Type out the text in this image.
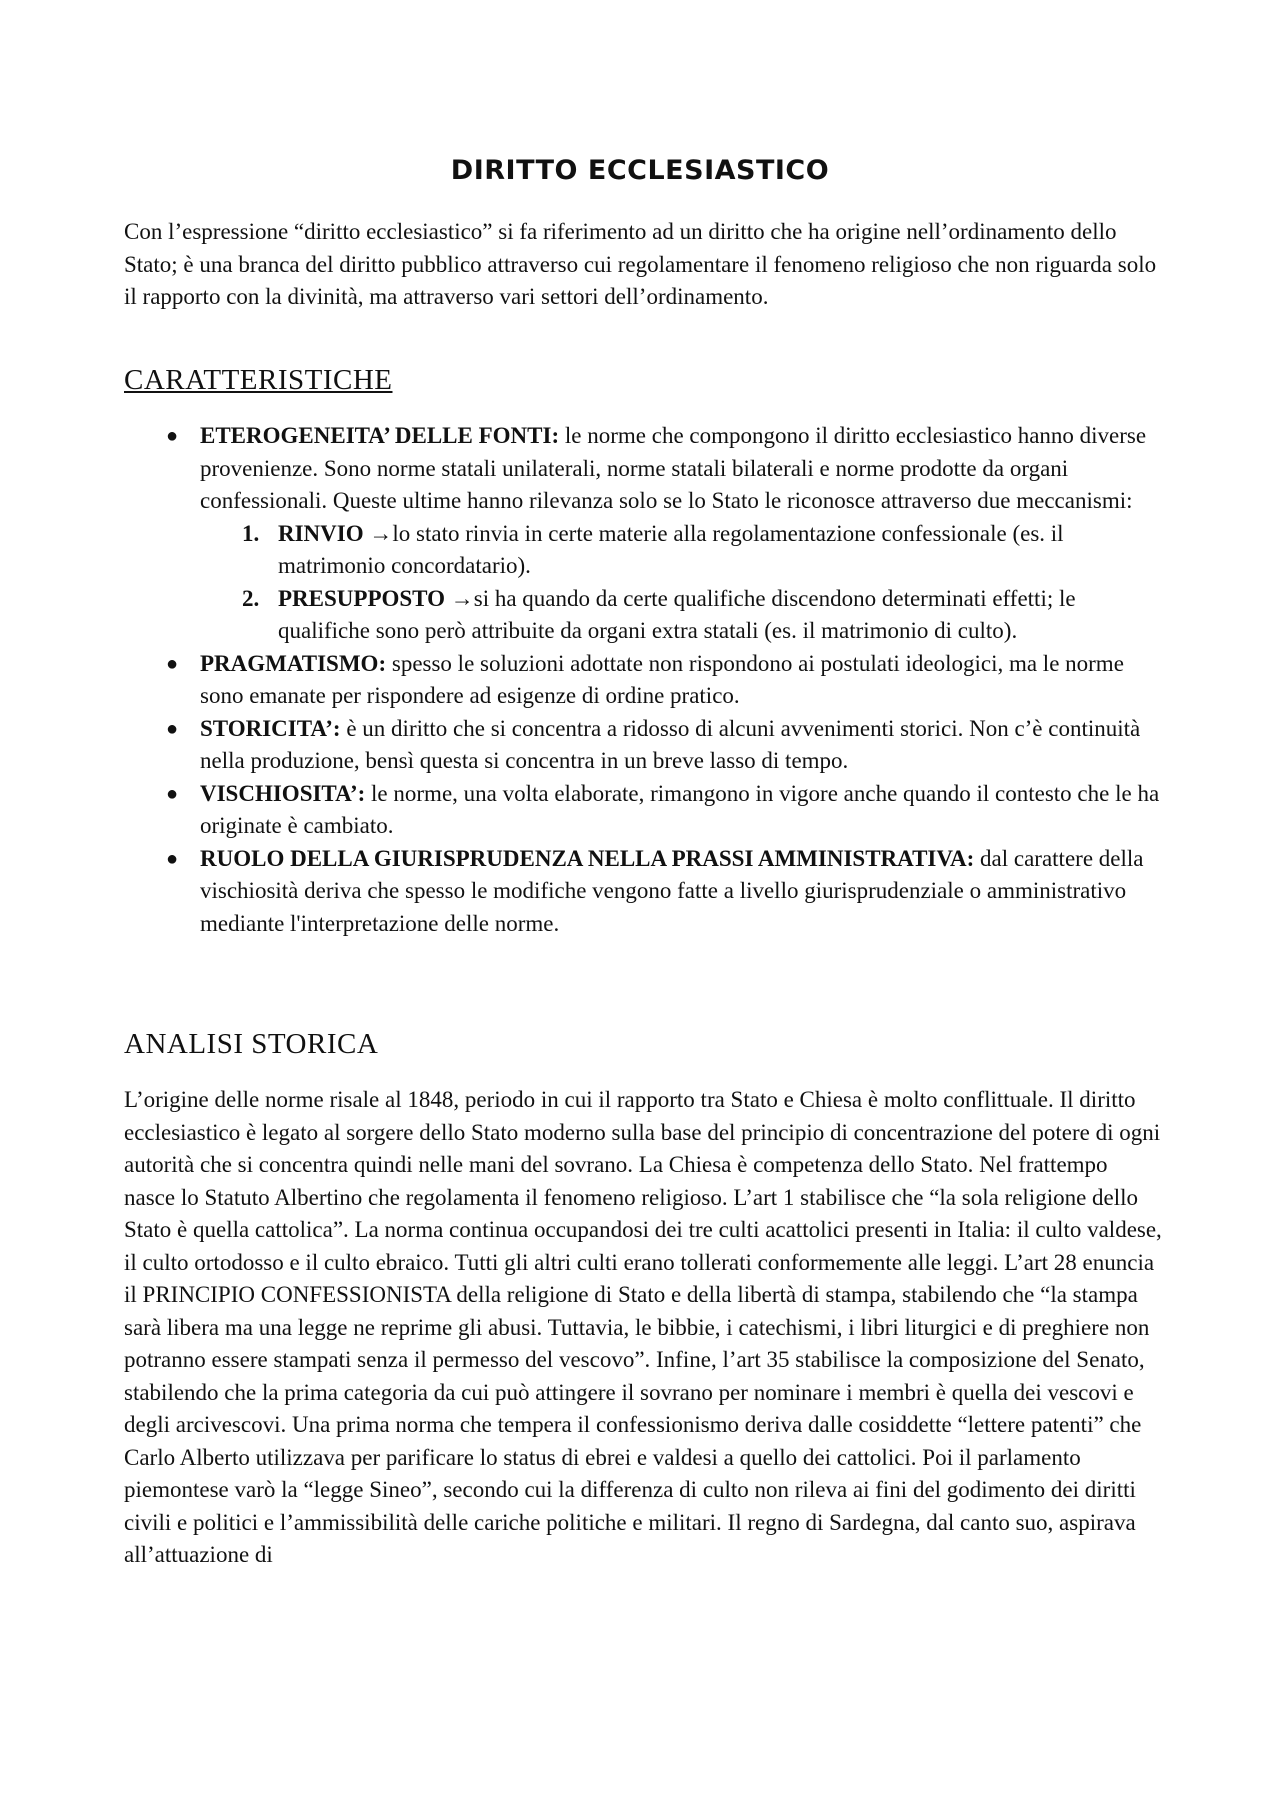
DIRITTO ECCLESIASTICO

Con l’espressione “diritto ecclesiastico” si fa riferimento ad un diritto che ha origine nell’ordinamento dello Stato; è una branca del diritto pubblico attraverso cui regolamentare il fenomeno religioso che non riguarda solo il rapporto con la divinità, ma attraverso vari settori dell’ordinamento.

CARATTERISTICHE
● ETEROGENEITA’ DELLE FONTI: le norme che compongono il diritto ecclesiastico hanno diverse provenienze. Sono norme statali unilaterali, norme statali bilaterali e norme prodotte da organi confessionali. Queste ultime hanno rilevanza solo se lo Stato le riconosce attraverso due meccanismi:
1. RINVIO →lo stato rinvia in certe materie alla regolamentazione confessionale (es. il matrimonio concordatario).
2. PRESUPPOSTO →si ha quando da certe qualifiche discendono determinati effetti; le qualifiche sono però attribuite da organi extra statali (es. il matrimonio di culto).
● PRAGMATISMO: spesso le soluzioni adottate non rispondono ai postulati ideologici, ma le norme sono emanate per rispondere ad esigenze di ordine pratico.
● STORICITA’: è un diritto che si concentra a ridosso di alcuni avvenimenti storici. Non c’è continuità nella produzione, bensì questa si concentra in un breve lasso di tempo.
● VISCHIOSITA’: le norme, una volta elaborate, rimangono in vigore anche quando il contesto che le ha originate è cambiato.
● RUOLO DELLA GIURISPRUDENZA NELLA PRASSI AMMINISTRATIVA: dal carattere della vischiosità deriva che spesso le modifiche vengono fatte a livello giurisprudenziale o amministrativo mediante l'interpretazione delle norme.
ANALISI STORICA

L’origine delle norme risale al 1848, periodo in cui il rapporto tra Stato e Chiesa è molto conflittuale. Il diritto ecclesiastico è legato al sorgere dello Stato moderno sulla base del principio di concentrazione del potere di ogni autorità che si concentra quindi nelle mani del sovrano. La Chiesa è competenza dello Stato. Nel frattempo nasce lo Statuto Albertino che regolamenta il fenomeno religioso. L’art 1 stabilisce che “la sola religione dello Stato è quella cattolica”. La norma continua occupandosi dei tre culti acattolici presenti in Italia: il culto valdese, il culto ortodosso e il culto ebraico. Tutti gli altri culti erano tollerati conformemente alle leggi. L’art 28 enuncia il PRINCIPIO CONFESSIONISTA della religione di Stato e della libertà di stampa, stabilendo che “la stampa sarà libera ma una legge ne reprime gli abusi. Tuttavia, le bibbie, i catechismi, i libri liturgici e di preghiere non potranno essere stampati senza il permesso del vescovo”. Infine, l’art 35 stabilisce la composizione del Senato, stabilendo che la prima categoria da cui può attingere il sovrano per nominare i membri è quella dei vescovi e degli arcivescovi. Una prima norma che tempera il confessionismo deriva dalle cosiddette “lettere patenti” che Carlo Alberto utilizzava per parificare lo status di ebrei e valdesi a quello dei cattolici. Poi il parlamento piemontese varò la “legge Sineo”, secondo cui la differenza di culto non rileva ai fini del godimento dei diritti civili e politici e l’ammissibilità delle cariche politiche e militari. Il regno di Sardegna, dal canto suo, aspirava all’attuazione di
